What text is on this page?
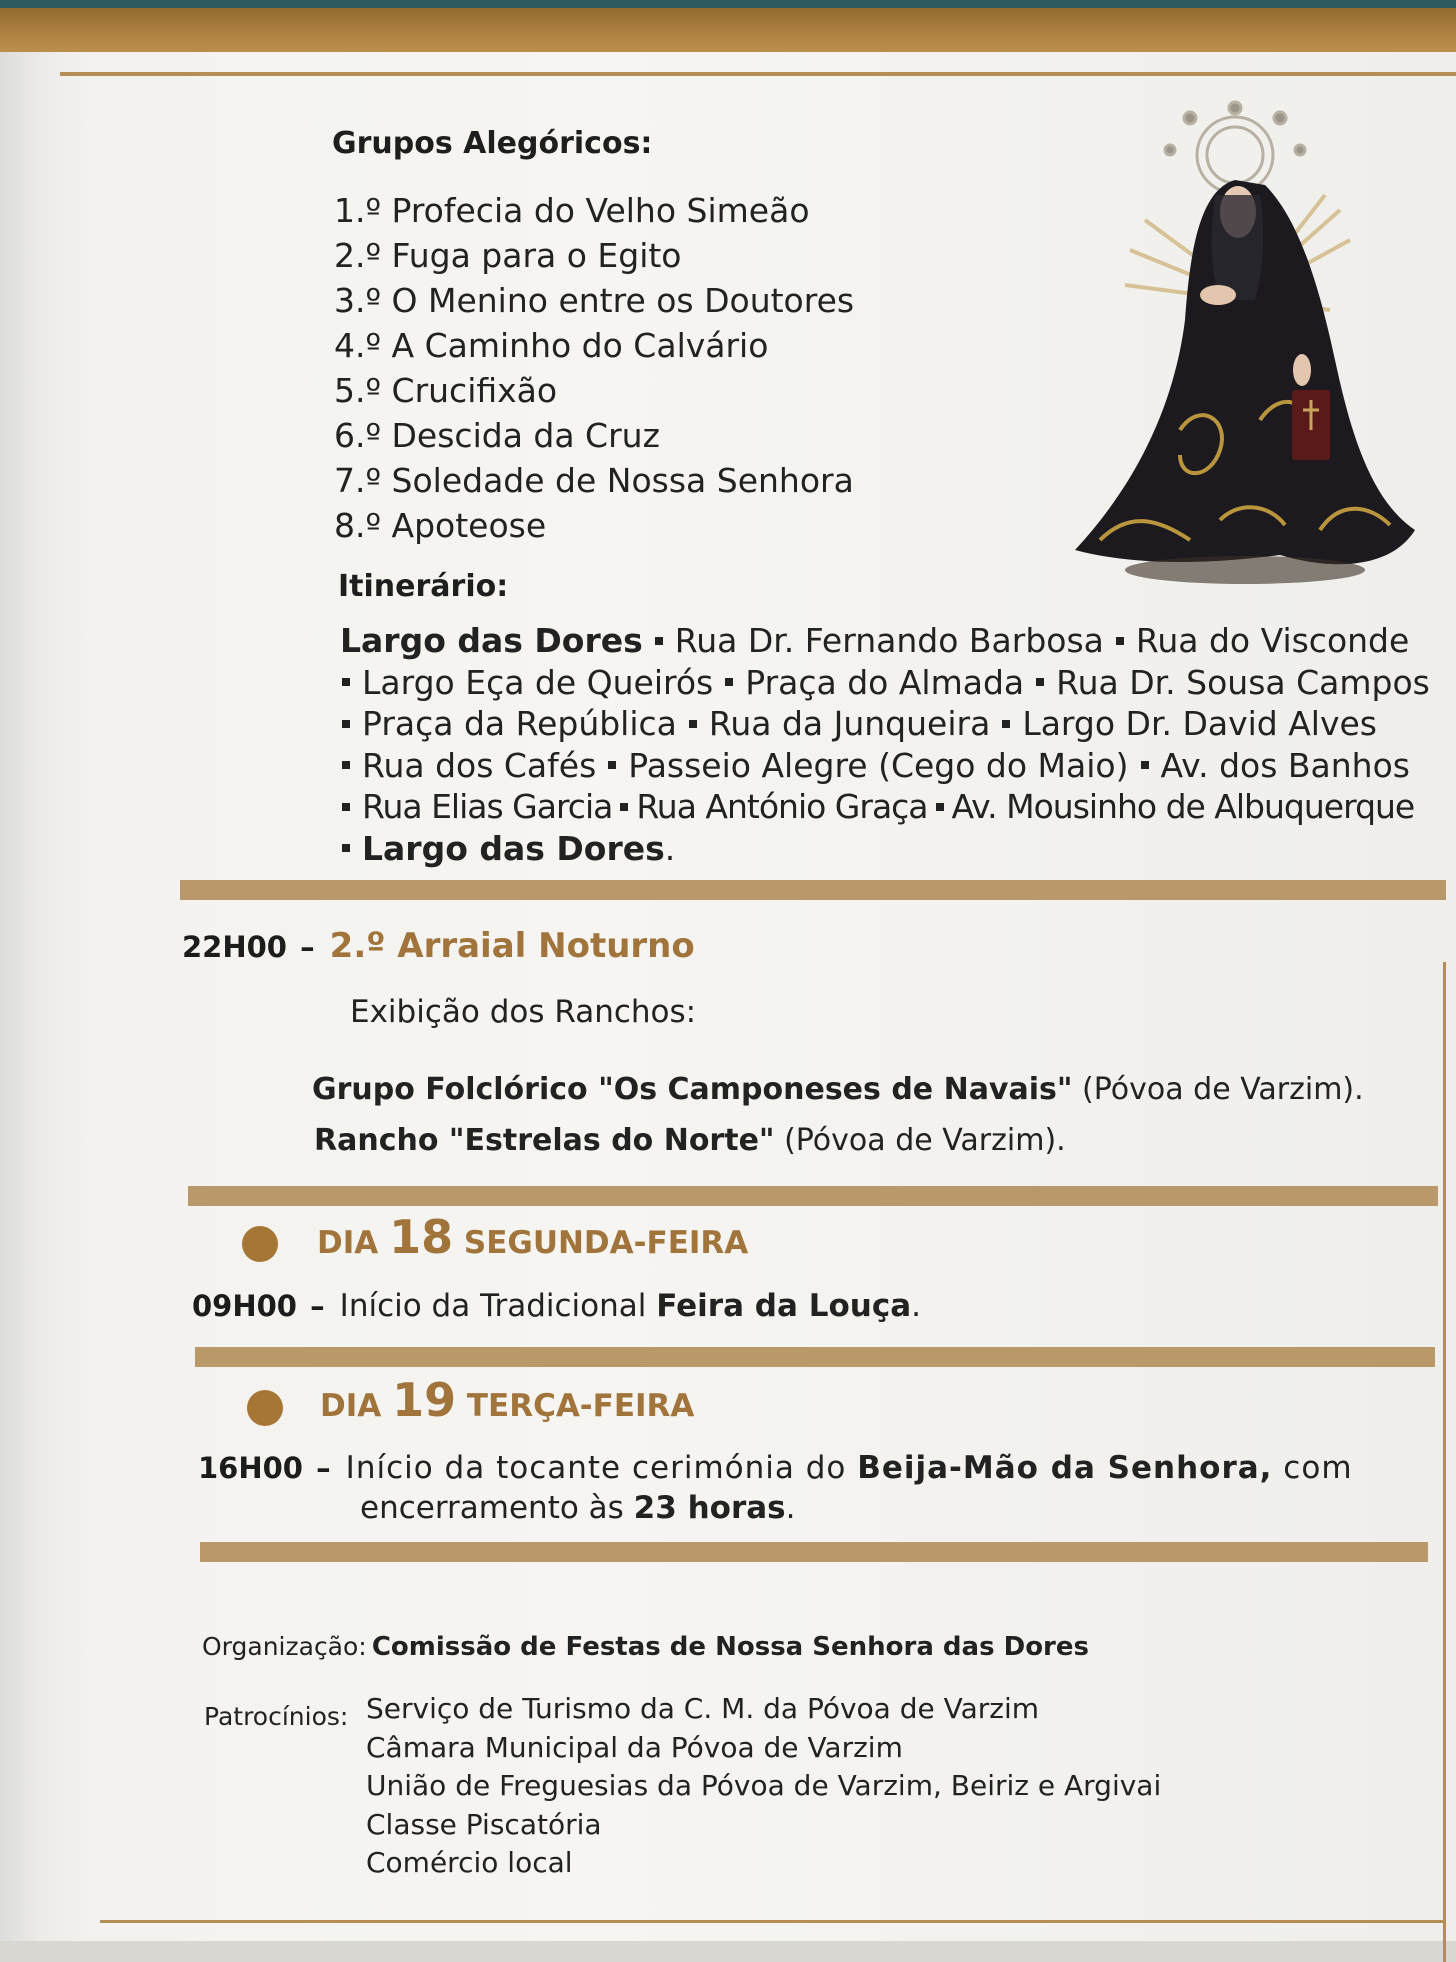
Grupos Alegóricos:
1.º Profecia do Velho Simeão
2.º Fuga para o Egito
3.º O Menino entre os Doutores
4.º A Caminho do Calvário
5.º Crucifixão
6.º Descida da Cruz
7.º Soledade de Nossa Senhora
8.º Apoteose
Itinerário:
Largo das Dores Rua Dr. Fernando Barbosa Rua do Visconde
Largo Eça de Queirós Praça do Almada Rua Dr. Sousa Campos
Praça da República Rua da Junqueira Largo Dr. David Alves
Rua dos Cafés Passeio Alegre (Cego do Maio) Av. dos Banhos
Rua Elias Garcia Rua António Graça Av. Mousinho de Albuquerque
Largo das Dores.
22H00 – 2.º Arraial Noturno
Exibição dos Ranchos:
Grupo Folclórico "Os Camponeses de Navais" (Póvoa de Varzim).
Rancho "Estrelas do Norte" (Póvoa de Varzim).
DIA 18 SEGUNDA-FEIRA
09H00 – Início da Tradicional Feira da Louça.
DIA 19 TERÇA-FEIRA
16H00 – Início da tocante cerimónia do Beija-Mão da Senhora, com
encerramento às 23 horas.
Organização: Comissão de Festas de Nossa Senhora das Dores
Patrocínios: Serviço de Turismo da C. M. da Póvoa de Varzim
Câmara Municipal da Póvoa de Varzim
União de Freguesias da Póvoa de Varzim, Beiriz e Argivai
Classe Piscatória
Comércio local
